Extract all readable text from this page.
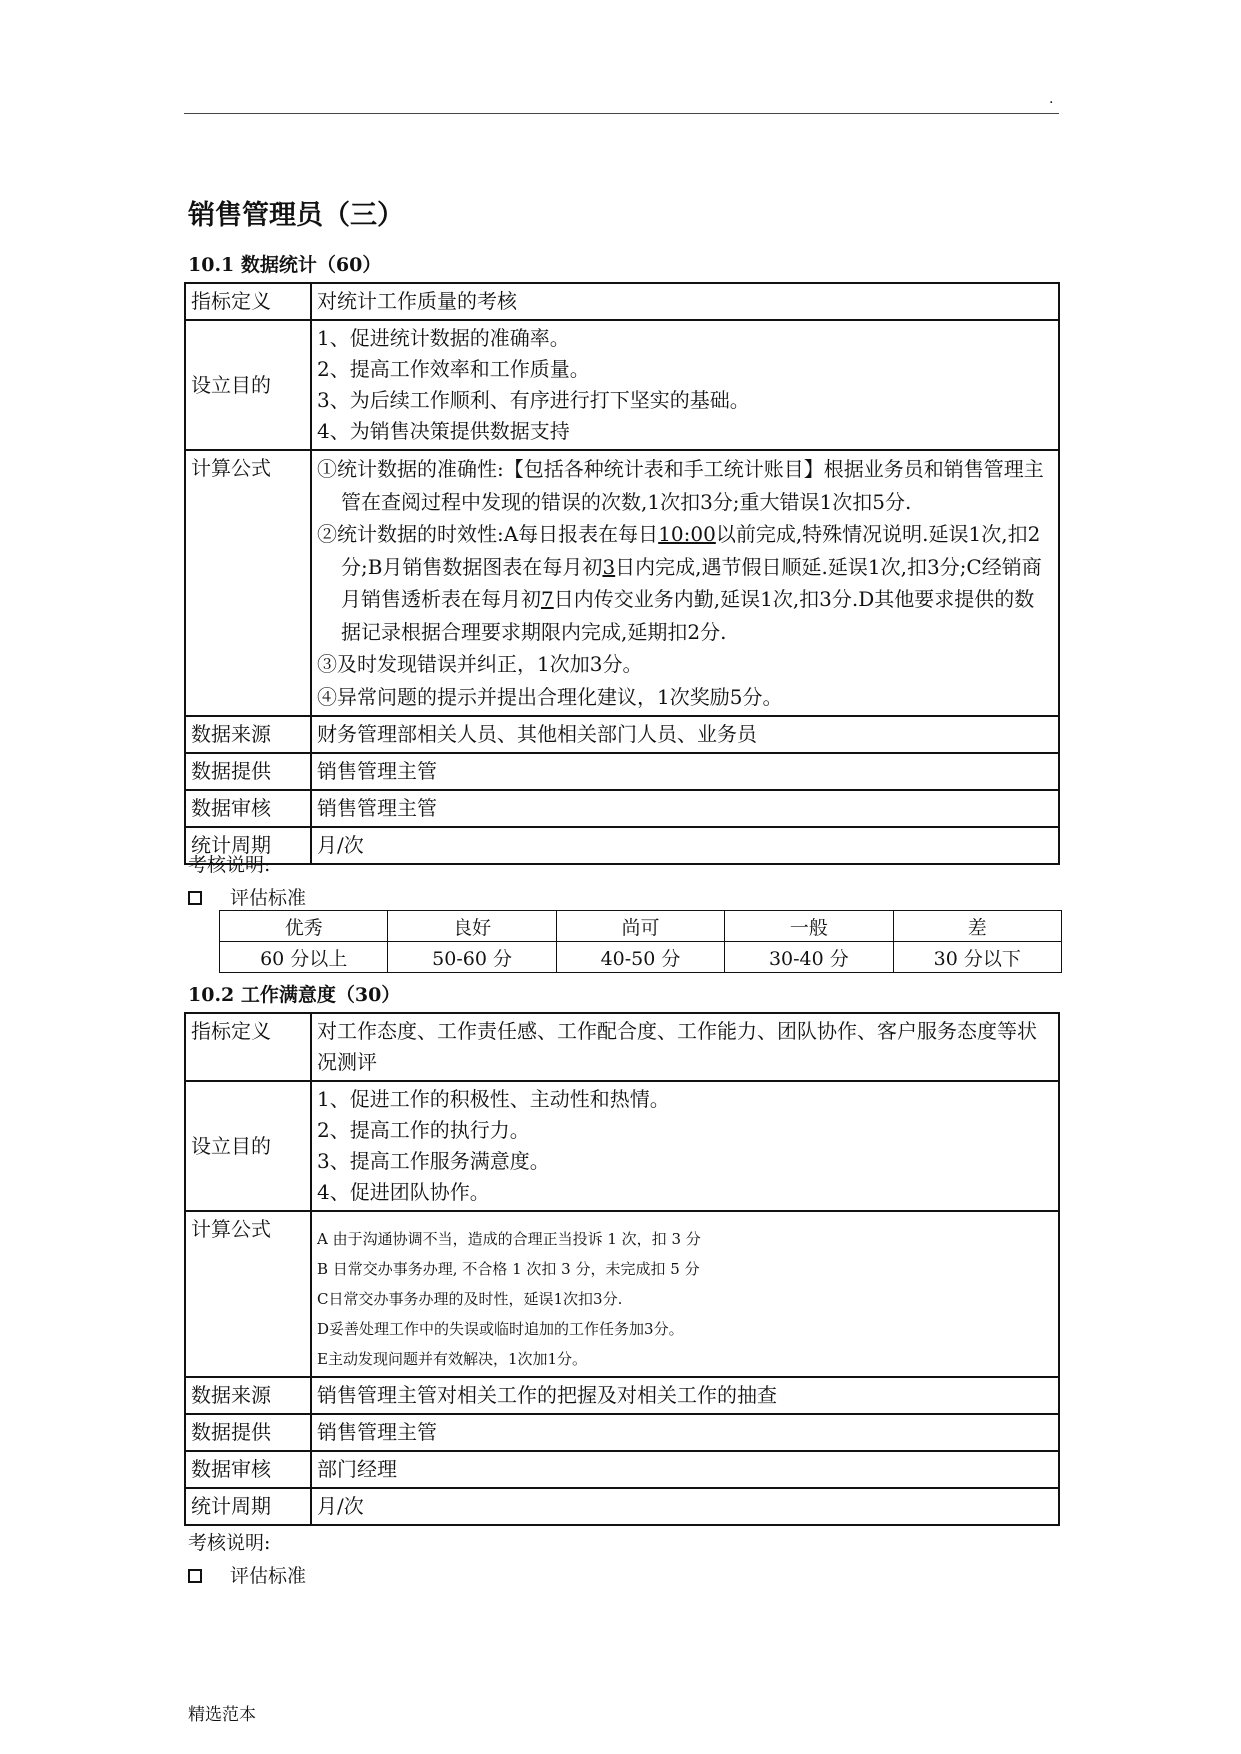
.
销售管理员（三）
10.1 数据统计（60）
指标定义	对统计工作质量的考核
设立目的	1、促进统计数据的准确率。
2、提高工作效率和工作质量。
3、为后续工作顺利、有序进行打下坚实的基础。
4、为销售决策提供数据支持

计算公式	①统计数据的准确性:【包括各种统计表和手工统计账目】根据业务员和销售管理主管在查阅过程中发现的错误的次数,1次扣3分;重大错误1次扣5分.
②统计数据的时效性:A每日报表在每日10:00以前完成,特殊情况说明.延误1次,扣2分;B月销售数据图表在每月初3日内完成,遇节假日顺延.延误1次,扣3分;C经销商月销售透析表在每月初7日内传交业务内勤,延误1次,扣3分.D其他要求提供的数据记录根据合理要求期限内完成,延期扣2分.
③及时发现错误并纠正，1次加3分。
④异常问题的提示并提出合理化建议，1次奖励5分。

数据来源	财务管理部相关人员、其他相关部门人员、业务员
数据提供	销售管理主管
数据审核	销售管理主管
统计周期	月/次
考核说明:
评估标准
优秀	良好	尚可	一般	差
60 分以上	50-60 分	40-50 分	30-40 分	30 分以下
10.2 工作满意度（30）
指标定义	对工作态度、工作责任感、工作配合度、工作能力、团队协作、客户服务态度等状况测评
设立目的	1、促进工作的积极性、主动性和热情。
2、提高工作的执行力。
3、提高工作服务满意度。
4、促进团队协作。

计算公式	A 由于沟通协调不当，造成的合理正当投诉 1 次，扣 3 分
B 日常交办事务办理, 不合格 1 次扣 3 分，未完成扣 5 分
C日常交办事务办理的及时性，延误1次扣3分.
D妥善处理工作中的失误或临时追加的工作任务加3分。
E主动发现问题并有效解决，1次加1分。

数据来源	销售管理主管对相关工作的把握及对相关工作的抽查
数据提供	销售管理主管
数据审核	部门经理
统计周期	月/次
考核说明:
评估标准
精选范本
